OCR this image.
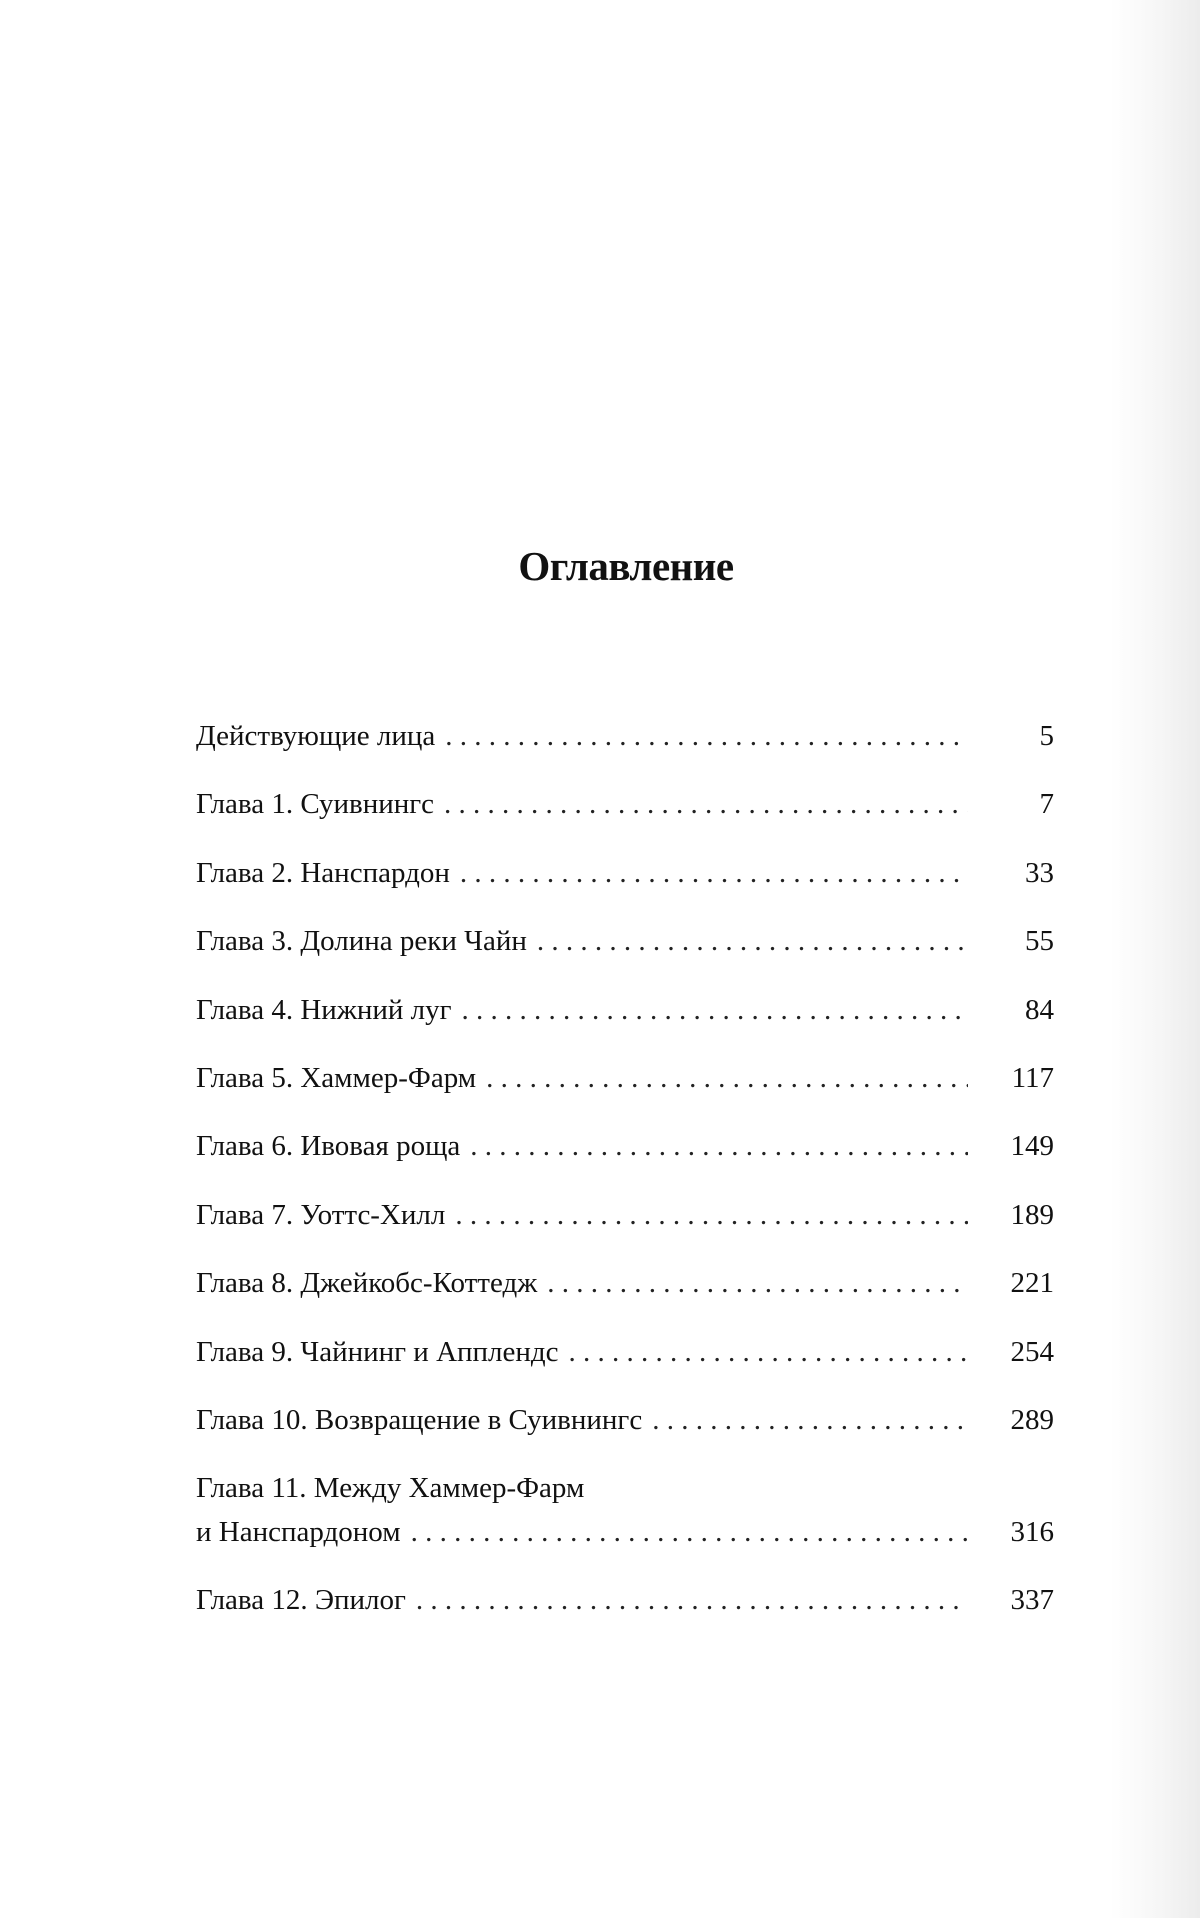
Оглавление
Действующие лица . . .	5
Глава 1. Суивнингс . . .	7
Глава 2. Нанспардон . . .	33
Глава 3. Долина реки Чайн . . .	55
Глава 4. Нижний луг . . .	84
Глава 5. Хаммер-Фарм . . .	117
Глава 6. Ивовая роща . . .	149
Глава 7. Уоттс-Хилл . . .	189
Глава 8. Джейкобс-Коттедж . . .	221
Глава 9. Чайнинг и Апплендс . . .	254
Глава 10. Возвращение в Суивнингс . . .	289
Глава 11. Между Хаммер-Фарм
и Нанспардоном . . .	316
Глава 12. Эпилог . . .	337
